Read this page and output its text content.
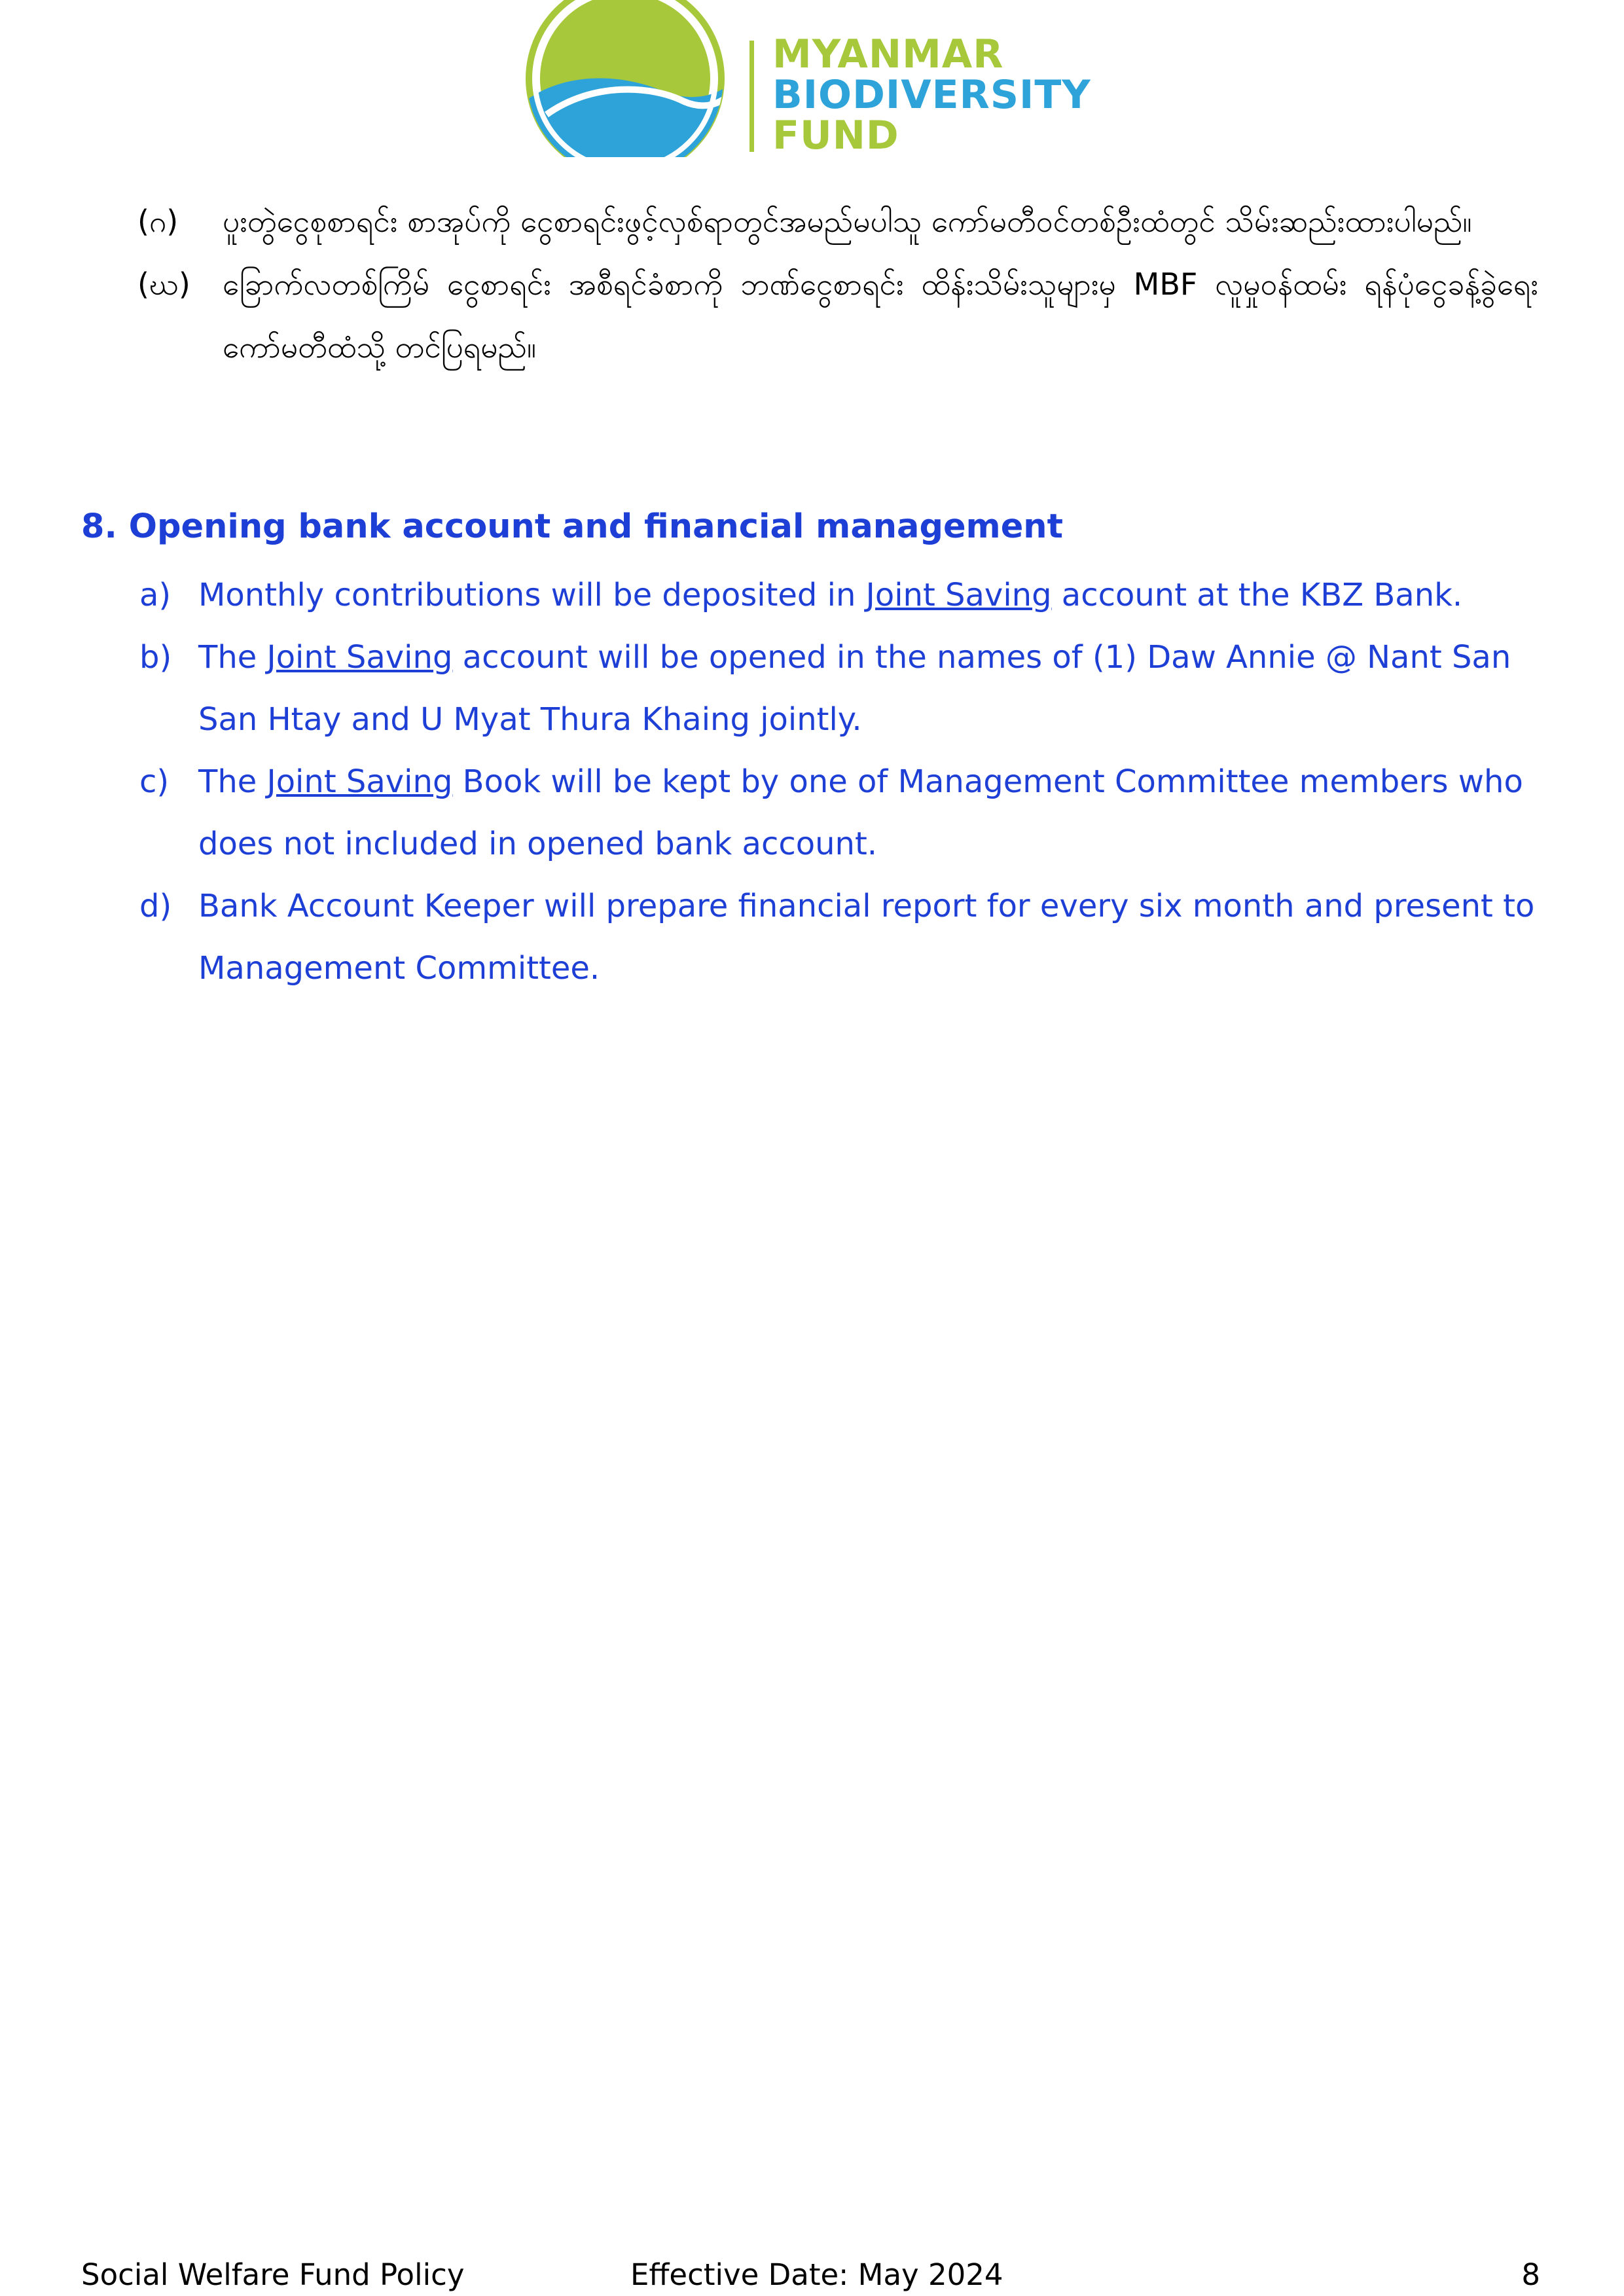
MYANMAR
BIODIVERSITY
FUND
(ဂ) ပူးတွဲငွေစုစာရင်း စာအုပ်ကို ငွေစာရင်းဖွင့်လှစ်ရာတွင်အမည်မပါသူ ကော်မတီဝင်တစ်ဦးထံတွင် သိမ်းဆည်းထားပါမည်။
(ဃ) ခြောက်လတစ်ကြိမ် ငွေစာရင်း အစီရင်ခံစာကို ဘဏ်ငွေစာရင်း ထိန်းသိမ်းသူများမှ MBF လူမှုဝန်ထမ်း ရန်ပုံငွေခန့်ခွဲရေးကော်မတီထံသို့ တင်ပြရမည်။
8. Opening bank account and financial management
a) Monthly contributions will be deposited in Joint Saving account at the KBZ Bank.
b) The Joint Saving account will be opened in the names of (1) Daw Annie @ Nant San San Htay and U Myat Thura Khaing jointly.
c) The Joint Saving Book will be kept by one of Management Committee members who does not included in opened bank account.
d) Bank Account Keeper will prepare financial report for every six month and present to Management Committee.
Social Welfare Fund Policy	Effective Date: May 2024	8
